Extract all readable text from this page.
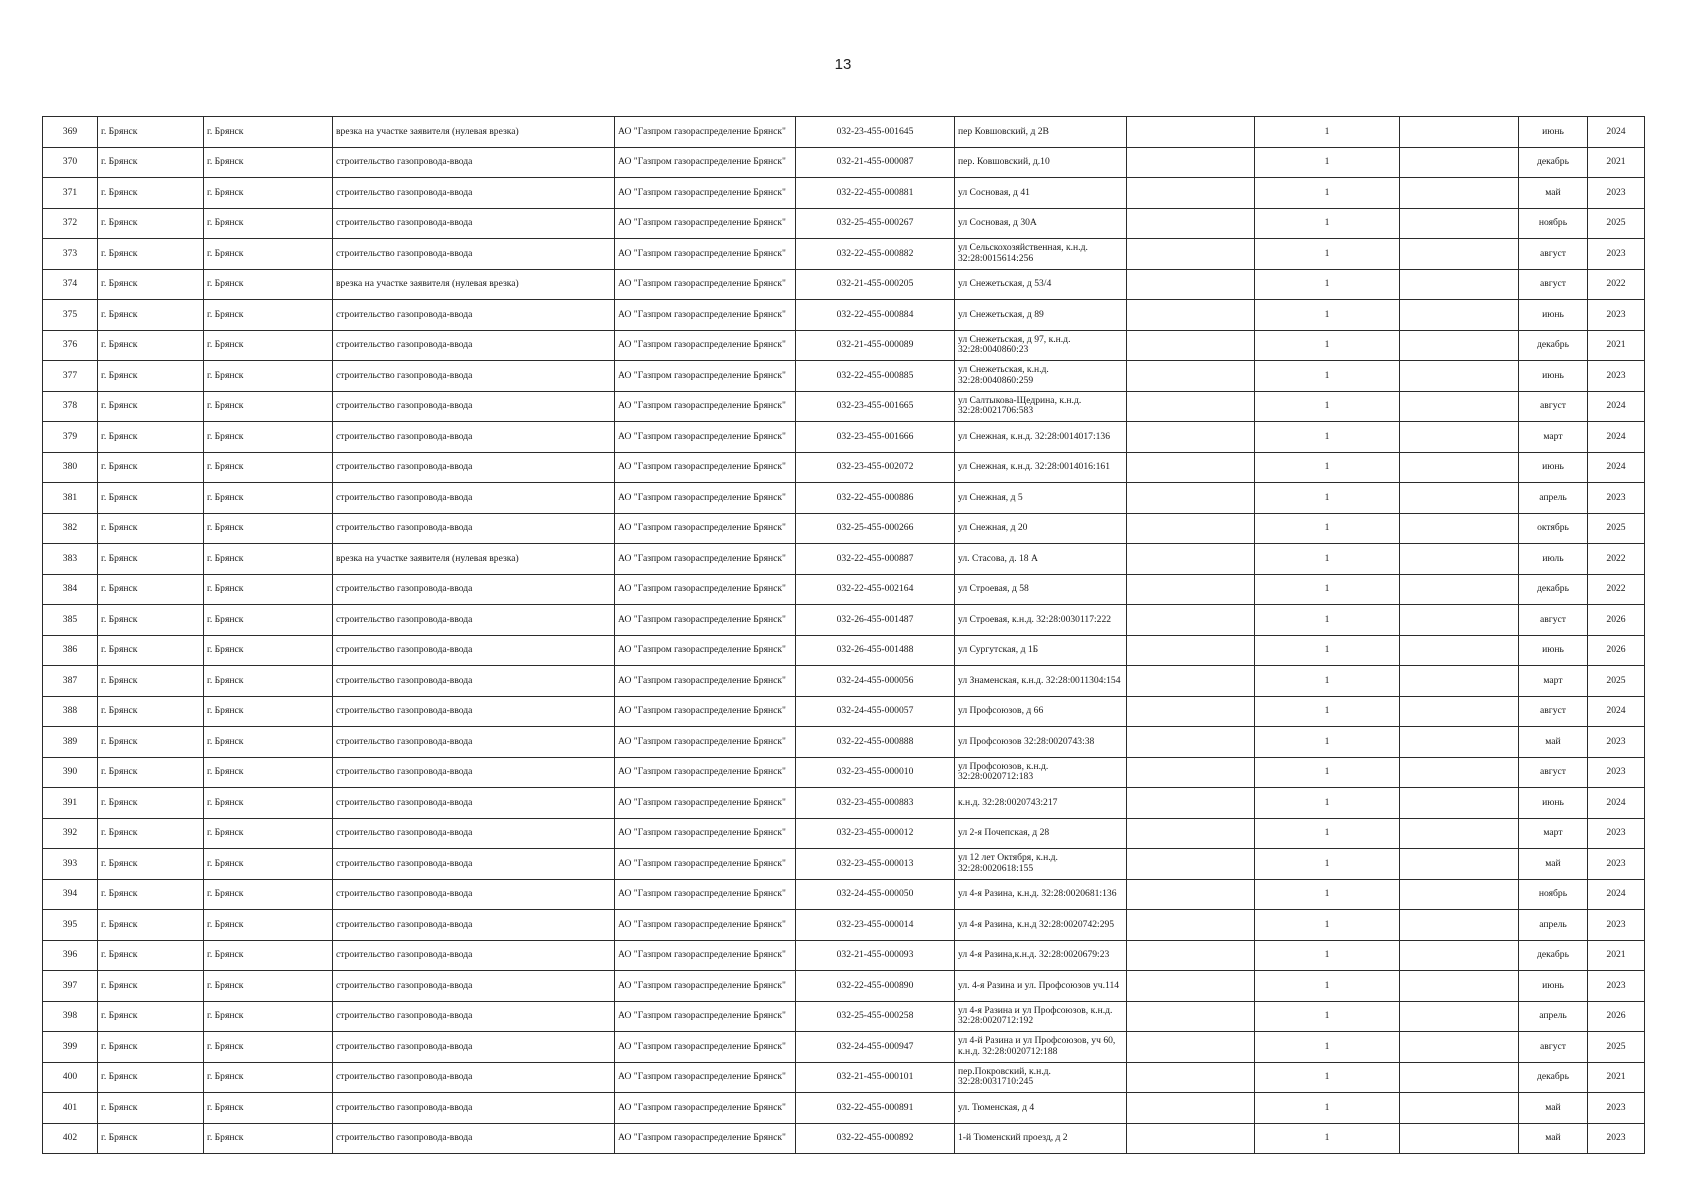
13
369	г. Брянск	г. Брянск	врезка на участке заявителя (нулевая врезка)	АО "Газпром газораспределение Брянск"	032-23-455-001645	пер Ковшовский, д 2В		1		июнь	2024
370	г. Брянск	г. Брянск	строительство газопровода-ввода	АО "Газпром газораспределение Брянск"	032-21-455-000087	пер. Ковшовский, д.10		1		декабрь	2021
371	г. Брянск	г. Брянск	строительство газопровода-ввода	АО "Газпром газораспределение Брянск"	032-22-455-000881	ул Сосновая, д 41		1		май	2023
372	г. Брянск	г. Брянск	строительство газопровода-ввода	АО "Газпром газораспределение Брянск"	032-25-455-000267	ул Сосновая, д 30А		1		ноябрь	2025
373	г. Брянск	г. Брянск	строительство газопровода-ввода	АО "Газпром газораспределение Брянск"	032-22-455-000882	ул Сельскохозяйственная, к.н.д. 32:28:0015614:256		1		август	2023
374	г. Брянск	г. Брянск	врезка на участке заявителя (нулевая врезка)	АО "Газпром газораспределение Брянск"	032-21-455-000205	ул Снежетьская, д 53/4		1		август	2022
375	г. Брянск	г. Брянск	строительство газопровода-ввода	АО "Газпром газораспределение Брянск"	032-22-455-000884	ул Снежетьская, д 89		1		июнь	2023
376	г. Брянск	г. Брянск	строительство газопровода-ввода	АО "Газпром газораспределение Брянск"	032-21-455-000089	ул Снежетьская, д 97, к.н.д. 32:28:0040860:23		1		декабрь	2021
377	г. Брянск	г. Брянск	строительство газопровода-ввода	АО "Газпром газораспределение Брянск"	032-22-455-000885	ул Снежетьская, к.н.д. 32:28:0040860:259		1		июнь	2023
378	г. Брянск	г. Брянск	строительство газопровода-ввода	АО "Газпром газораспределение Брянск"	032-23-455-001665	ул Салтыкова-Щедрина, к.н.д. 32:28:0021706:583		1		август	2024
379	г. Брянск	г. Брянск	строительство газопровода-ввода	АО "Газпром газораспределение Брянск"	032-23-455-001666	ул Снежная, к.н.д. 32:28:0014017:136		1		март	2024
380	г. Брянск	г. Брянск	строительство газопровода-ввода	АО "Газпром газораспределение Брянск"	032-23-455-002072	ул Снежная, к.н.д. 32:28:0014016:161		1		июнь	2024
381	г. Брянск	г. Брянск	строительство газопровода-ввода	АО "Газпром газораспределение Брянск"	032-22-455-000886	ул Снежная, д 5		1		апрель	2023
382	г. Брянск	г. Брянск	строительство газопровода-ввода	АО "Газпром газораспределение Брянск"	032-25-455-000266	ул Снежная, д 20		1		октябрь	2025
383	г. Брянск	г. Брянск	врезка на участке заявителя (нулевая врезка)	АО "Газпром газораспределение Брянск"	032-22-455-000887	ул. Стасова, д. 18 А		1		июль	2022
384	г. Брянск	г. Брянск	строительство газопровода-ввода	АО "Газпром газораспределение Брянск"	032-22-455-002164	ул Строевая, д 58		1		декабрь	2022
385	г. Брянск	г. Брянск	строительство газопровода-ввода	АО "Газпром газораспределение Брянск"	032-26-455-001487	ул Строевая, к.н.д. 32:28:0030117:222		1		август	2026
386	г. Брянск	г. Брянск	строительство газопровода-ввода	АО "Газпром газораспределение Брянск"	032-26-455-001488	ул Сургутская, д 1Б		1		июнь	2026
387	г. Брянск	г. Брянск	строительство газопровода-ввода	АО "Газпром газораспределение Брянск"	032-24-455-000056	ул Знаменская, к.н.д. 32:28:0011304:154		1		март	2025
388	г. Брянск	г. Брянск	строительство газопровода-ввода	АО "Газпром газораспределение Брянск"	032-24-455-000057	ул Профсоюзов, д 66		1		август	2024
389	г. Брянск	г. Брянск	строительство газопровода-ввода	АО "Газпром газораспределение Брянск"	032-22-455-000888	ул Профсоюзов 32:28:0020743:38		1		май	2023
390	г. Брянск	г. Брянск	строительство газопровода-ввода	АО "Газпром газораспределение Брянск"	032-23-455-000010	ул Профсоюзов, к.н.д. 32:28:0020712:183		1		август	2023
391	г. Брянск	г. Брянск	строительство газопровода-ввода	АО "Газпром газораспределение Брянск"	032-23-455-000883	к.н.д. 32:28:0020743:217		1		июнь	2024
392	г. Брянск	г. Брянск	строительство газопровода-ввода	АО "Газпром газораспределение Брянск"	032-23-455-000012	ул 2-я Почепская, д 28		1		март	2023
393	г. Брянск	г. Брянск	строительство газопровода-ввода	АО "Газпром газораспределение Брянск"	032-23-455-000013	ул 12 лет Октября, к.н.д. 32:28:0020618:155		1		май	2023
394	г. Брянск	г. Брянск	строительство газопровода-ввода	АО "Газпром газораспределение Брянск"	032-24-455-000050	ул 4-я Разина, к.н.д. 32:28:0020681:136		1		ноябрь	2024
395	г. Брянск	г. Брянск	строительство газопровода-ввода	АО "Газпром газораспределение Брянск"	032-23-455-000014	ул 4-я Разина, к.н.д 32:28:0020742:295		1		апрель	2023
396	г. Брянск	г. Брянск	строительство газопровода-ввода	АО "Газпром газораспределение Брянск"	032-21-455-000093	ул 4-я Разина,к.н.д. 32:28:0020679:23		1		декабрь	2021
397	г. Брянск	г. Брянск	строительство газопровода-ввода	АО "Газпром газораспределение Брянск"	032-22-455-000890	ул. 4-я Разина и ул. Профсоюзов уч.114		1		июнь	2023
398	г. Брянск	г. Брянск	строительство газопровода-ввода	АО "Газпром газораспределение Брянск"	032-25-455-000258	ул 4-я Разина и ул Профсоюзов, к.н.д. 32:28:0020712:192		1		апрель	2026
399	г. Брянск	г. Брянск	строительство газопровода-ввода	АО "Газпром газораспределение Брянск"	032-24-455-000947	ул 4-й Разина и ул Профсоюзов, уч 60, к.н.д. 32:28:0020712:188		1		август	2025
400	г. Брянск	г. Брянск	строительство газопровода-ввода	АО "Газпром газораспределение Брянск"	032-21-455-000101	пер.Покровский, к.н.д. 32:28:0031710:245		1		декабрь	2021
401	г. Брянск	г. Брянск	строительство газопровода-ввода	АО "Газпром газораспределение Брянск"	032-22-455-000891	ул. Тюменская, д 4		1		май	2023
402	г. Брянск	г. Брянск	строительство газопровода-ввода	АО "Газпром газораспределение Брянск"	032-22-455-000892	1-й Тюменский проезд, д 2		1		май	2023
